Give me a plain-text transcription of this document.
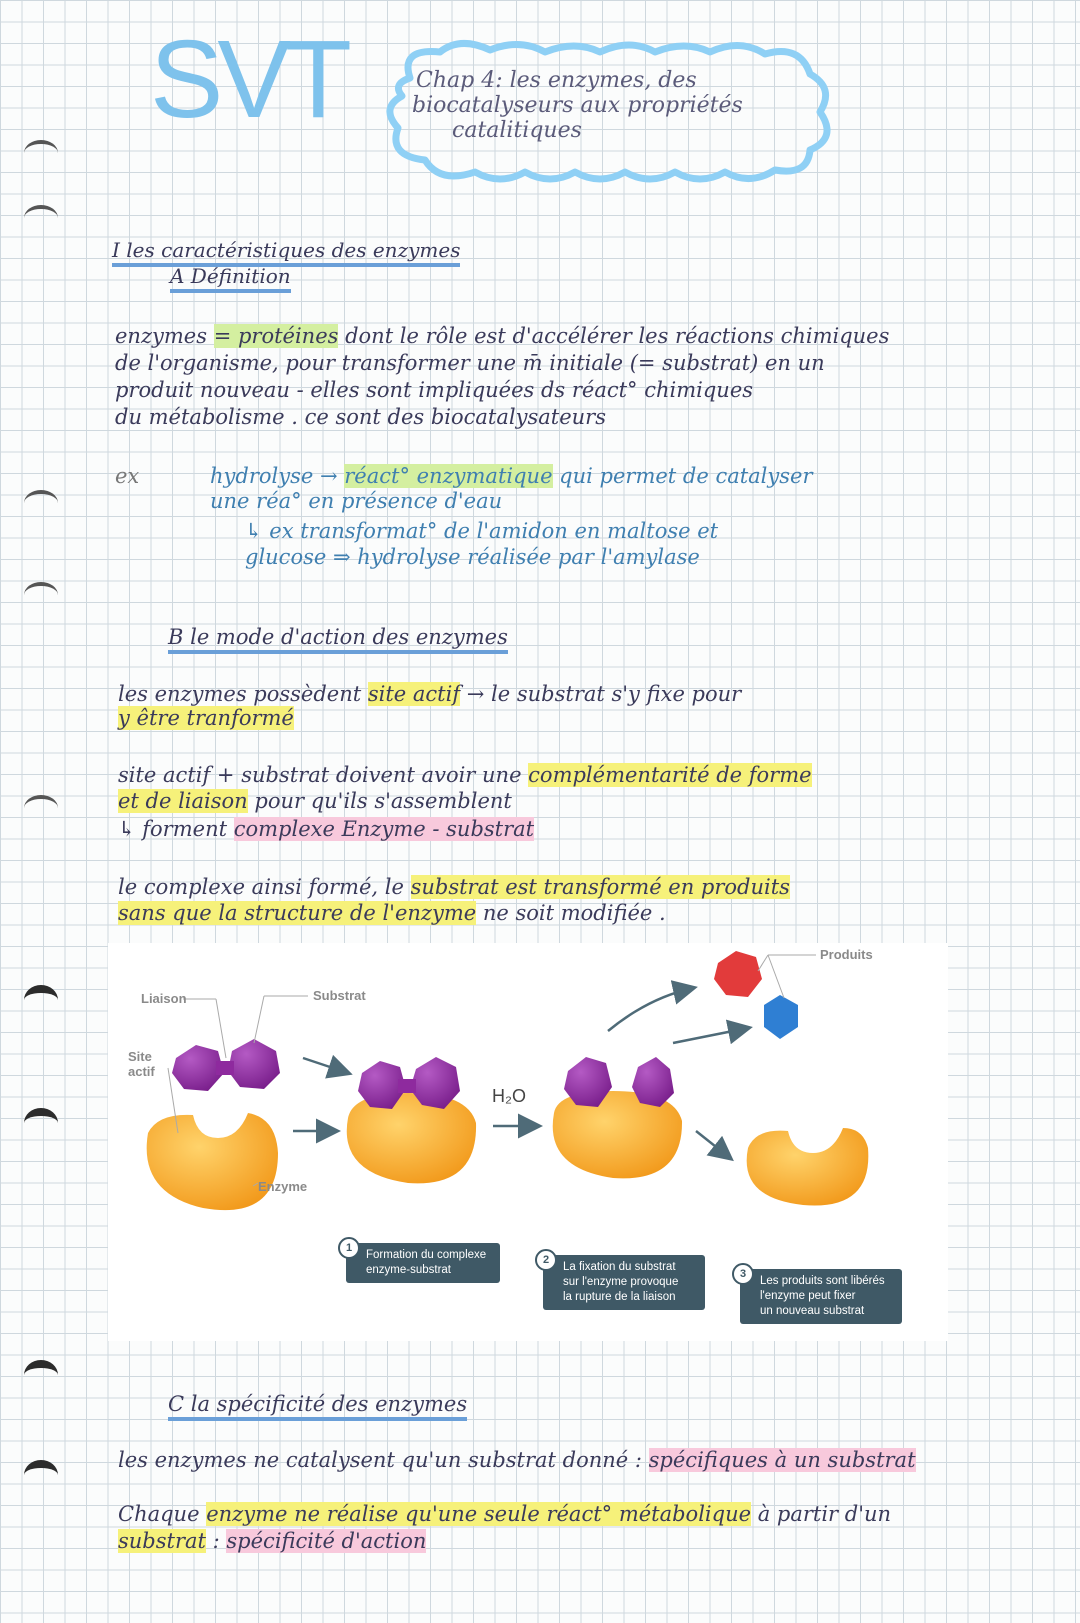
SVT	Chap 4: les enzymes, des
biocatalyseurs aux propriétés
catalitiques
I les caractéristiques des enzymes
A Définition
enzymes = protéines dont le rôle est d'accélérer les réactions chimiques
de l'organisme, pour transformer une m̄ initiale (= substrat) en un
produit nouveau - elles sont impliquées ds réact° chimiques
du métabolisme . ce sont des biocatalysateurs
ex	hydrolyse → réact° enzymatique qui permet de catalyser
une réa° en présence d'eau
↳ ex transformat° de l'amidon en maltose et
glucose ⇒ hydrolyse réalisée par l'amylase
B le mode d'action des enzymes
les enzymes possèdent site actif → le substrat s'y fixe pour
y être tranformé
site actif + substrat doivent avoir une complémentarité de forme
et de liaison pour qu'ils s'assemblent
↳ forment complexe Enzyme - substrat
le complexe ainsi formé, le substrat est transformé en produits
sans que la structure de l'enzyme ne soit modifiée .
Liaison	Substrat
Site
actif
Enzyme
H₂O
Produits
1
Formation du complexe
enzyme-substrat
2
La fixation du substrat
sur l'enzyme provoque
la rupture de la liaison
3
Les produits sont libérés
l'enzyme peut fixer
un nouveau substrat
C la spécificité des enzymes
les enzymes ne catalysent qu'un substrat donné : spécifiques à un substrat
Chaque enzyme ne réalise qu'une seule réact° métabolique à partir d'un
substrat : spécificité d'action
